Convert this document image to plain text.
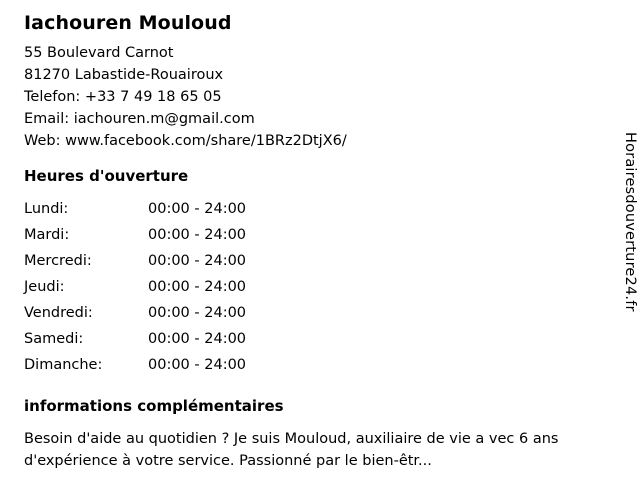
Iachouren Mouloud
55 Boulevard Carnot
81270 Labastide-Rouairoux
Telefon: +33 7 49 18 65 05
Email: iachouren.m@gmail.com
Web: www.facebook.com/share/1BRz2DtjX6/
Heures d'ouverture
Lundi:	00:00 - 24:00
Mardi:	00:00 - 24:00
Mercredi:	00:00 - 24:00
Jeudi:	00:00 - 24:00
Vendredi:	00:00 - 24:00
Samedi:	00:00 - 24:00
Dimanche:	00:00 - 24:00
informations complémentaires
Besoin d'aide au quotidien ? Je suis Mouloud, auxiliaire de vie a vec 6 ans d'expérience à votre service. Passionné par le bien-êtr...
Horairesdouverture24.fr
